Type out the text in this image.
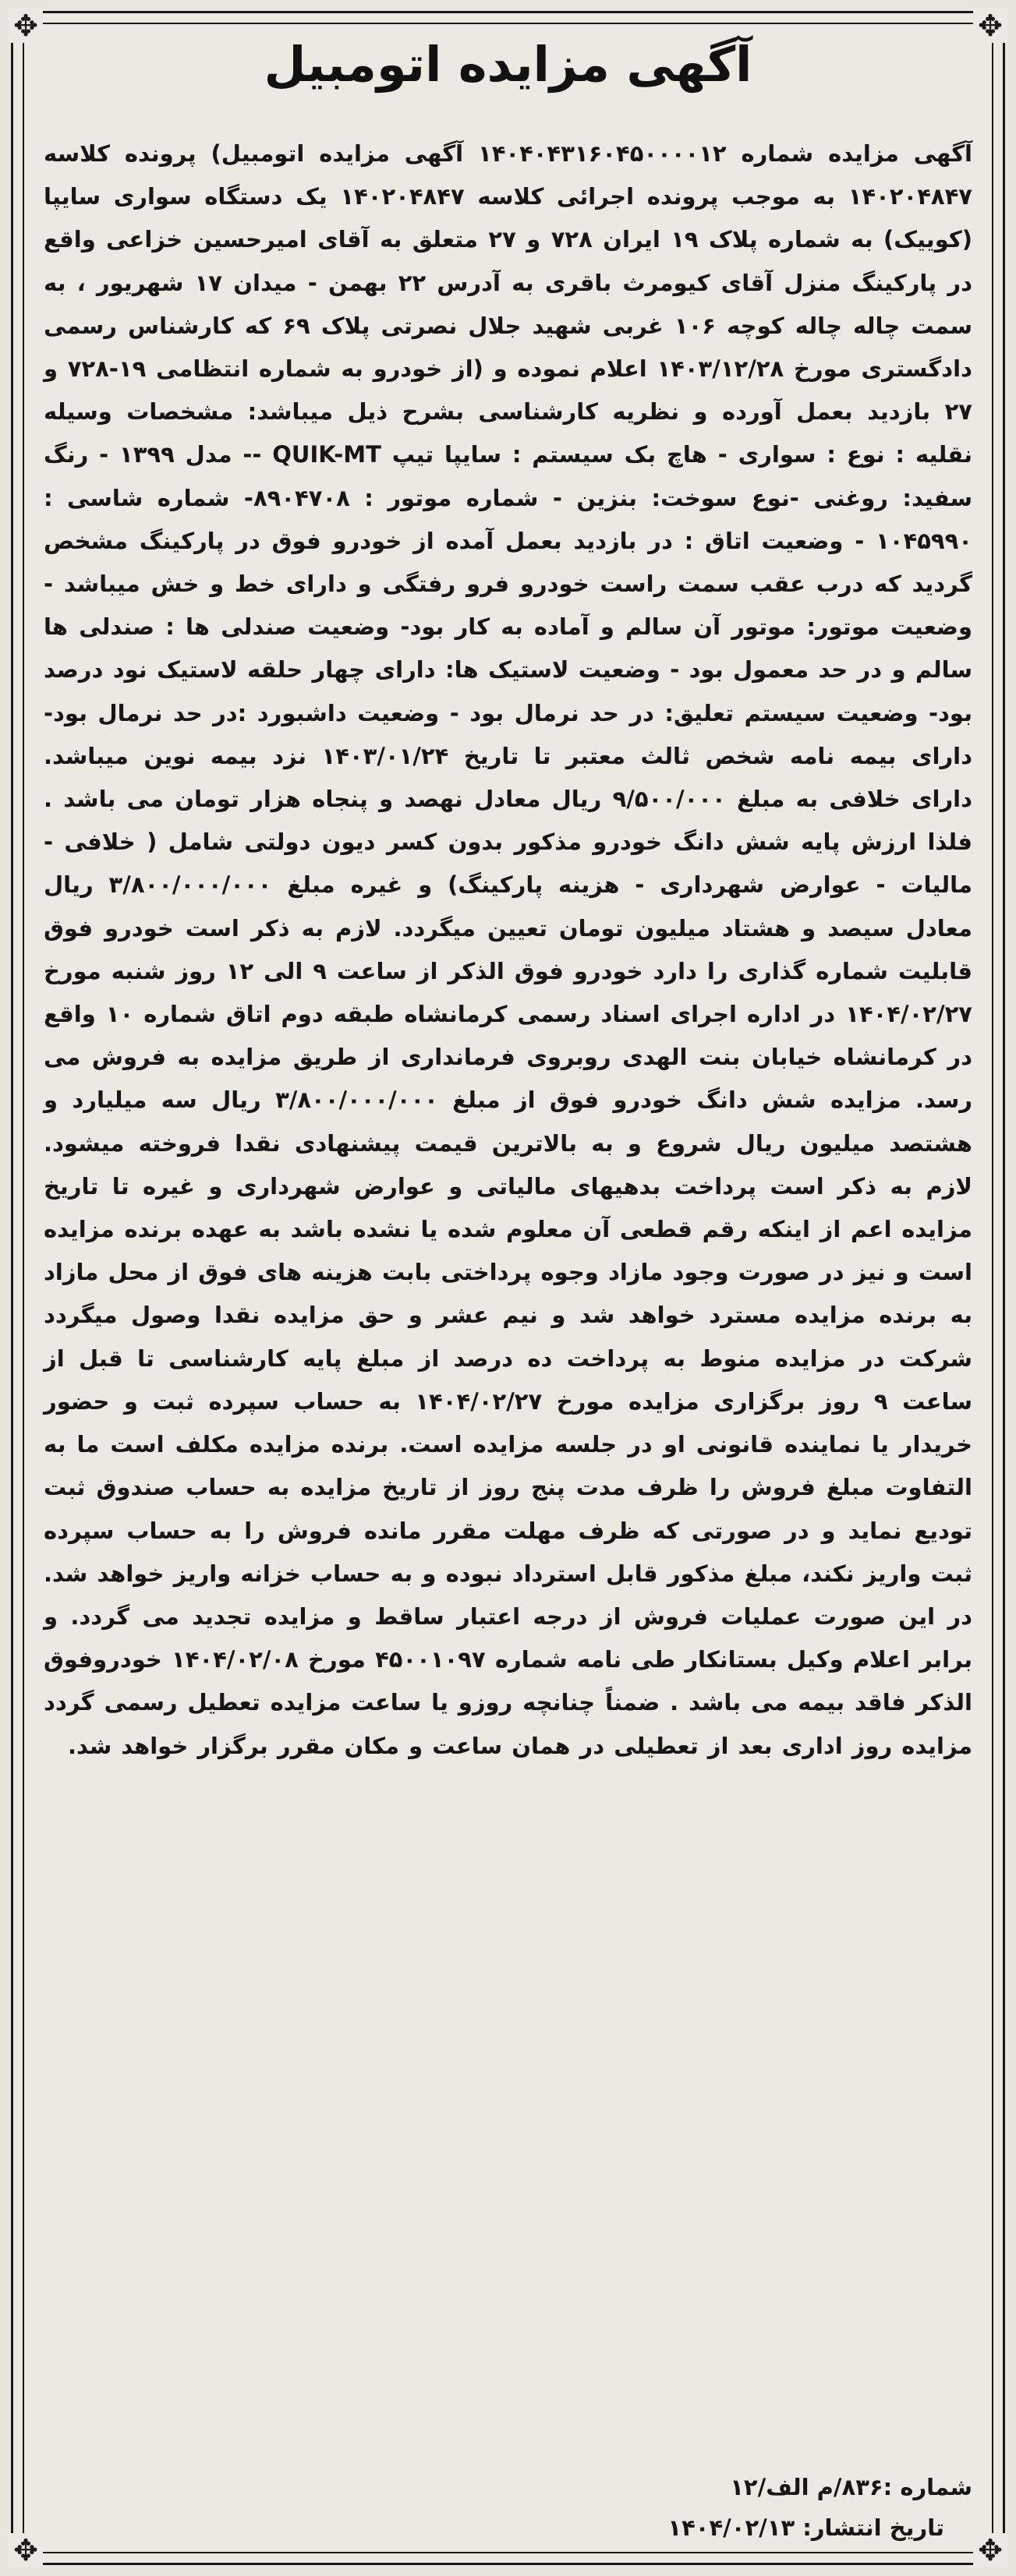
✥	✥
✥	✥
آگهی مزایده اتومبیل
آگهی مزایده شماره ۱۴۰۴۰۴۳۱۶۰۴۵۰۰۰۰۱۲ آگهی مزایده اتومبیل) پرونده کلاسه ۱۴۰۲۰۴۸۴۷ به موجب پرونده اجرائی کلاسه ۱۴۰۲۰۴۸۴۷ یک دستگاه سواری سایپا (کوییک) به شماره پلاک ۱۹ ایران ۷۲۸ و ۲۷ متعلق به آقای امیرحسین خزاعی واقع در پارکینگ منزل آقای کیومرث باقری به آدرس ۲۲ بهمن - میدان ۱۷ شهریور ، به سمت چاله چاله کوچه ۱۰۶ غربی شهید جلال نصرتی پلاک ۶۹ که کارشناس رسمی دادگستری مورخ ۱۴۰۳/۱۲/۲۸ اعلام نموده و (از خودرو به شماره انتظامی ۱۹-۷۲۸ و ۲۷ بازدید بعمل آورده و نظریه کارشناسی بشرح ذیل میباشد: مشخصات وسیله نقلیه : نوع : سواری - هاچ بک سیستم : سایپا تیپ QUIK-MT -- مدل ۱۳۹۹ - رنگ سفید: روغنی -نوع سوخت: بنزین - شماره موتور : ۸۹۰۴۷۰۸- شماره شاسی : ۱۰۴۵۹۹۰ - وضعیت اتاق : در بازدید بعمل آمده از خودرو فوق در پارکینگ مشخص گردید که درب عقب سمت راست خودرو فرو رفتگی و دارای خط و خش میباشد - وضعیت موتور: موتور آن سالم و آماده به کار بود- وضعیت صندلی ها : صندلی ها سالم و در حد معمول بود - وضعیت لاستیک ها: دارای چهار حلقه لاستیک نود درصد بود- وضعیت سیستم تعلیق: در حد نرمال بود - وضعیت داشبورد :در حد نرمال بود- دارای بیمه نامه شخص ثالث معتبر تا تاریخ ۱۴۰۳/۰۱/۲۴ نزد بیمه نوین میباشد. دارای خلافی به مبلغ ۹/۵۰۰/۰۰۰ ریال معادل نهصد و پنجاه هزار تومان می باشد . فلذا ارزش پایه شش دانگ خودرو مذکور بدون کسر دیون دولتی شامل ( خلافی - مالیات - عوارض شهرداری - هزینه پارکینگ) و غیره مبلغ ۳/۸۰۰/۰۰۰/۰۰۰ ریال معادل سیصد و هشتاد میلیون تومان تعیین میگردد. لازم به ذکر است خودرو فوق قابلیت شماره گذاری را دارد خودرو فوق الذکر از ساعت ۹ الی ۱۲ روز شنبه مورخ ۱۴۰۴/۰۲/۲۷ در اداره اجرای اسناد رسمی کرمانشاه طبقه دوم اتاق شماره ۱۰ واقع در کرمانشاه خیابان بنت الهدی روبروی فرمانداری از طریق مزایده به فروش می رسد. مزایده شش دانگ خودرو فوق از مبلغ ۳/۸۰۰/۰۰۰/۰۰۰ ریال سه میلیارد و هشتصد میلیون ریال شروع و به بالاترین قیمت پیشنهادی نقدا فروخته میشود. لازم به ذکر است پرداخت بدهیهای مالیاتی و عوارض شهرداری و غیره تا تاریخ مزایده اعم از اینکه رقم قطعی آن معلوم شده یا نشده باشد به عهده برنده مزایده است و نیز در صورت وجود مازاد وجوه پرداختی بابت هزینه های فوق از محل مازاد به برنده مزایده مسترد خواهد شد و نیم عشر و حق مزایده نقدا وصول میگردد شرکت در مزایده منوط به پرداخت ده درصد از مبلغ پایه کارشناسی تا قبل از ساعت ۹ روز برگزاری مزایده مورخ ۱۴۰۴/۰۲/۲۷ به حساب سپرده ثبت و حضور خریدار یا نماینده قانونی او در جلسه مزایده است. برنده مزایده مکلف است ما به التفاوت مبلغ فروش را ظرف مدت پنج روز از تاریخ مزایده به حساب صندوق ثبت تودیع نماید و در صورتی که ظرف مهلت مقرر مانده فروش را به حساب سپرده ثبت واریز نکند، مبلغ مذکور قابل استرداد نبوده و به حساب خزانه واریز خواهد شد. در این صورت عملیات فروش از درجه اعتبار ساقط و مزایده تجدید می گردد. و برابر اعلام وکیل بستانکار طی نامه شماره ۴۵۰۰۱۰۹۷ مورخ ۱۴۰۴/۰۲/۰۸ خودروفوق الذکر فاقد بیمه می باشد . ضمناً چنانچه روزو یا ساعت مزایده تعطیل رسمی گردد مزایده روز اداری بعد از تعطیلی در همان ساعت و مکان مقرر برگزار خواهد شد.
شماره :۸۳۶/م الف/۱۲
تاریخ انتشار: ۱۴۰۴/۰۲/۱۳
